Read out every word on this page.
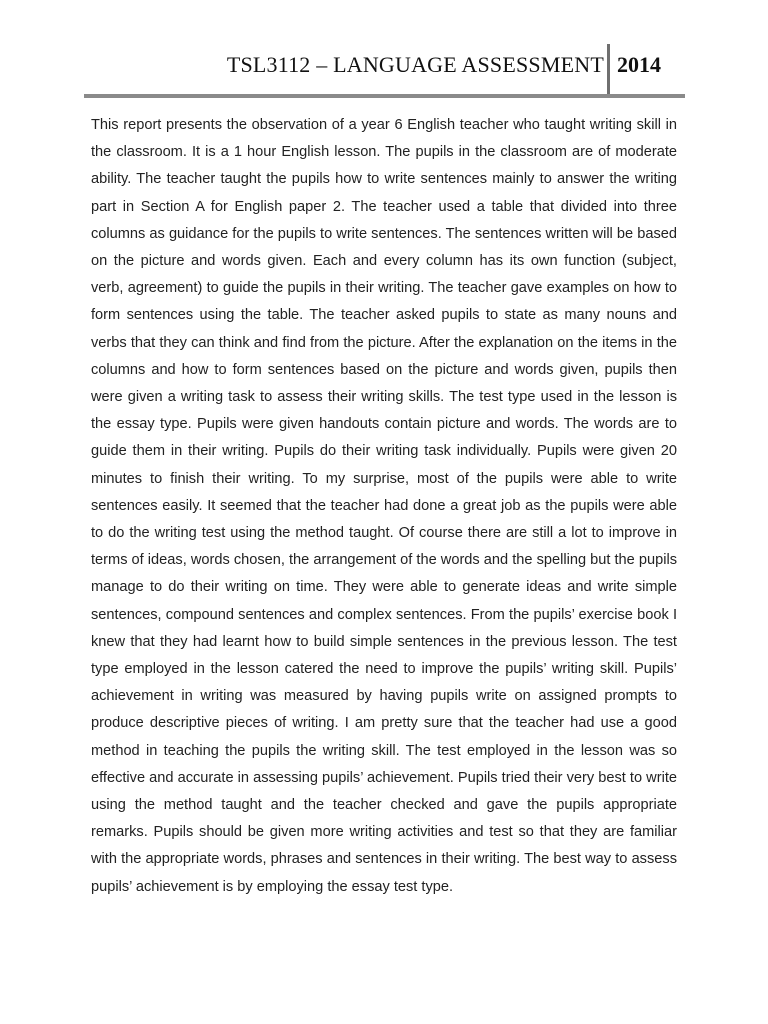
TSL3112 – LANGUAGE ASSESSMENT 2014

This report presents the observation of a year 6 English teacher who taught writing skill in the classroom. It is a 1 hour English lesson. The pupils in the classroom are of moderate ability. The teacher taught the pupils how to write sentences mainly to answer the writing part in Section A for English paper 2. The teacher used a table that divided into three columns as guidance for the pupils to write sentences. The sentences written will be based on the picture and words given. Each and every column has its own function (subject, verb, agreement) to guide the pupils in their writing. The teacher gave examples on how to form sentences using the table. The teacher asked pupils to state as many nouns and verbs that they can think and find from the picture. After the explanation on the items in the columns and how to form sentences based on the picture and words given, pupils then were given a writing task to assess their writing skills. The test type used in the lesson is the essay type. Pupils were given handouts contain picture and words. The words are to guide them in their writing. Pupils do their writing task individually. Pupils were given 20 minutes to finish their writing. To my surprise, most of the pupils were able to write sentences easily. It seemed that the teacher had done a great job as the pupils were able to do the writing test using the method taught. Of course there are still a lot to improve in terms of ideas, words chosen, the arrangement of the words and the spelling but the pupils manage to do their writing on time. They were able to generate ideas and write simple sentences, compound sentences and complex sentences. From the pupils’ exercise book I knew that they had learnt how to build simple sentences in the previous lesson. The test type employed in the lesson catered the need to improve the pupils’ writing skill. Pupils’ achievement in writing was measured by having pupils write on assigned prompts to produce descriptive pieces of writing. I am pretty sure that the teacher had use a good method in teaching the pupils the writing skill. The test employed in the lesson was so effective and accurate in assessing pupils’ achievement. Pupils tried their very best to write using the method taught and the teacher checked and gave the pupils appropriate remarks. Pupils should be given more writing activities and test so that they are familiar with the appropriate words, phrases and sentences in their writing. The best way to assess pupils’ achievement is by employing the essay test type.
